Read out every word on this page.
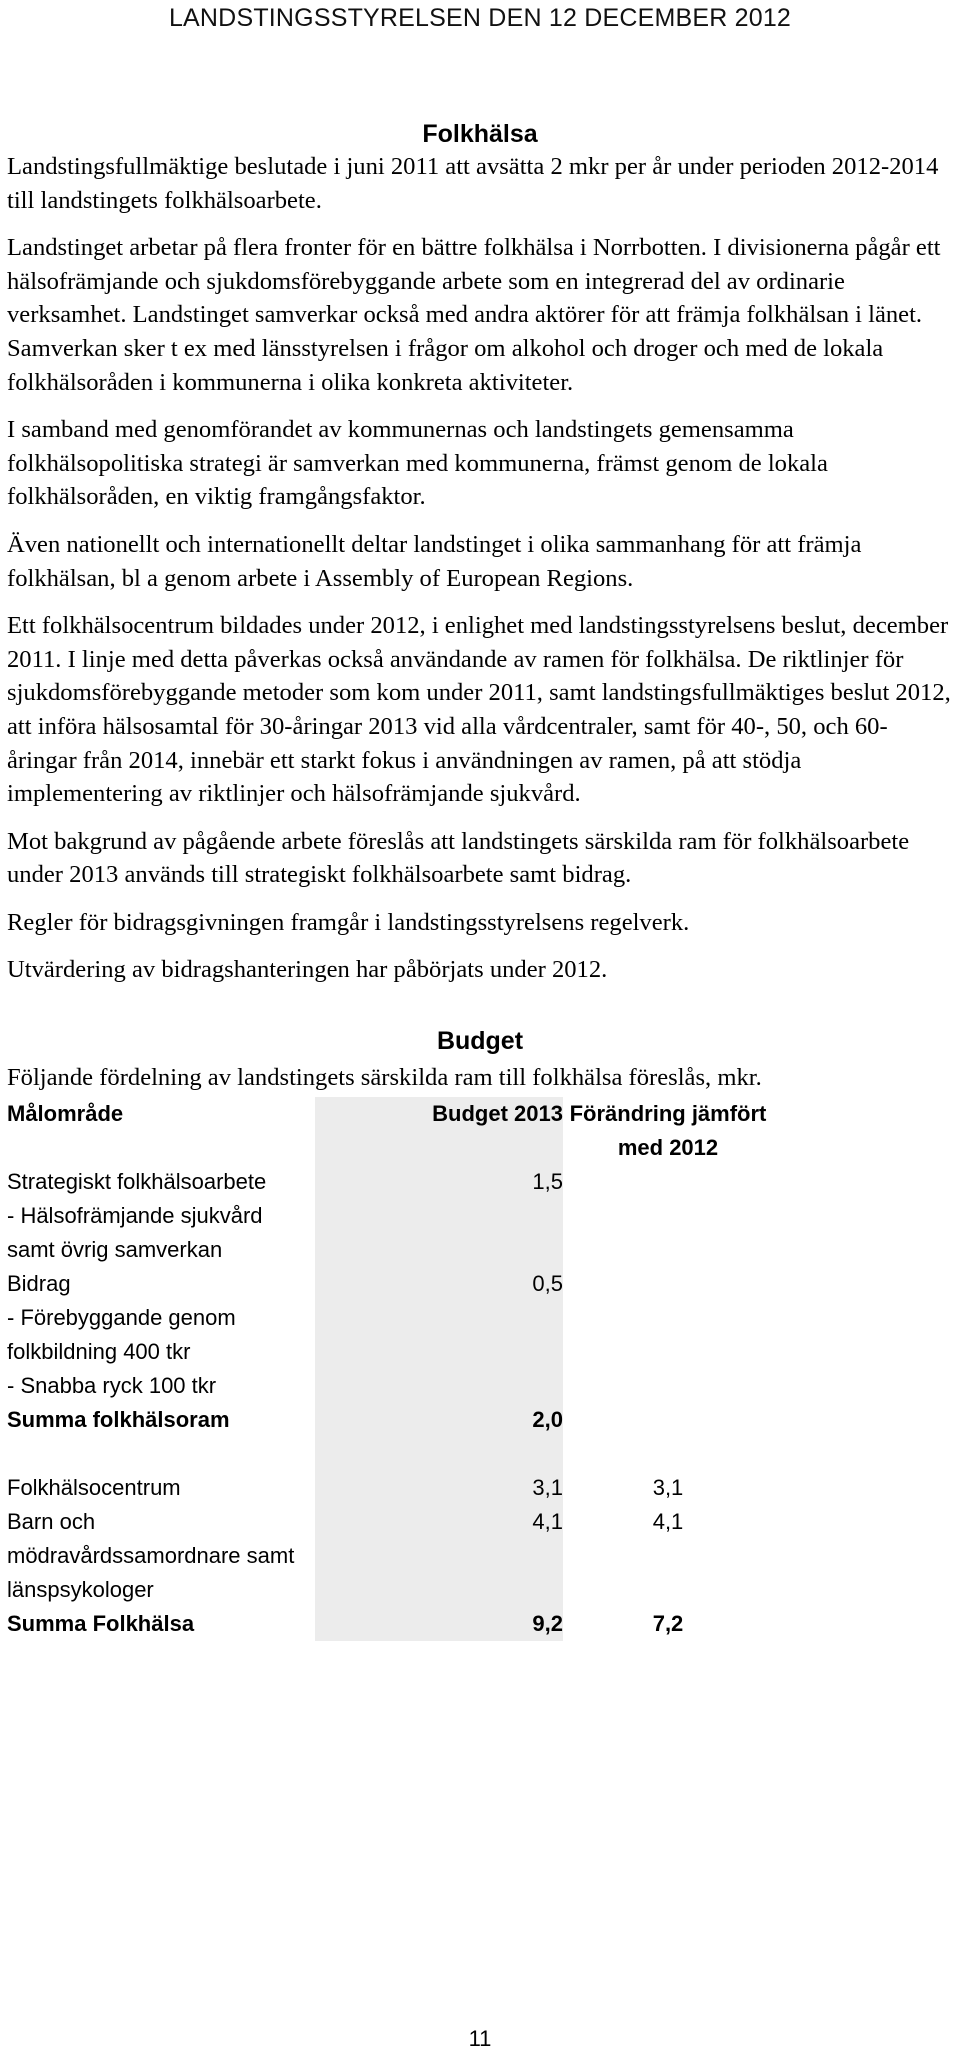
LANDSTINGSSTYRELSEN DEN 12 DECEMBER 2012
Folkhälsa

Landstingsfullmäktige beslutade i juni 2011 att avsätta 2 mkr per år under perioden 2012-2014 till landstingets folkhälsoarbete.

Landstinget arbetar på flera fronter för en bättre folkhälsa i Norrbotten. I divisionerna pågår ett hälsofrämjande och sjukdomsförebyggande arbete som en integrerad del av ordinarie verksamhet. Landstinget samverkar också med andra aktörer för att främja folkhälsan i länet. Samverkan sker t ex med länsstyrelsen i frågor om alkohol och droger och med de lokala folkhälsoråden i kommunerna i olika konkreta aktiviteter.

I samband med genomförandet av kommunernas och landstingets gemensamma folkhälsopolitiska strategi är samverkan med kommunerna, främst genom de lokala folkhälsoråden, en viktig framgångsfaktor.

Även nationellt och internationellt deltar landstinget i olika sammanhang för att främja folkhälsan, bl a genom arbete i Assembly of European Regions.

Ett folkhälsocentrum bildades under 2012, i enlighet med landstingsstyrelsens beslut, december 2011. I linje med detta påverkas också användande av ramen för folkhälsa. De riktlinjer för sjukdomsförebyggande metoder som kom under 2011, samt landstingsfullmäktiges beslut 2012, att införa hälsosamtal för 30-åringar 2013 vid alla vårdcentraler, samt för 40-, 50, och 60-åringar från 2014, innebär ett starkt fokus i användningen av ramen, på att stödja implementering av riktlinjer och hälsofrämjande sjukvård.

Mot bakgrund av pågående arbete föreslås att landstingets särskilda ram för folkhälsoarbete under 2013 används till strategiskt folkhälsoarbete samt bidrag.

Regler för bidragsgivningen framgår i landstingsstyrelsens regelverk.

Utvärdering av bidragshanteringen har påbörjats under 2012.

Budget

Följande fördelning av landstingets särskilda ram till folkhälsa föreslås, mkr.

Målområde	Budget 2013	Förändring jämfört med 2012
Strategiskt folkhälsoarbete	1,5	
- Hälsofrämjande sjukvård samt övrig samverkan		
Bidrag	0,5	
- Förebyggande genom folkbildning 400 tkr		
- Snabba ryck 100 tkr		
Summa folkhälsoram	2,0	

Folkhälsocentrum	3,1	3,1
Barn och mödravårdssamordnare samt länspsykologer	4,1	4,1
Summa Folkhälsa	9,2	7,2
11
